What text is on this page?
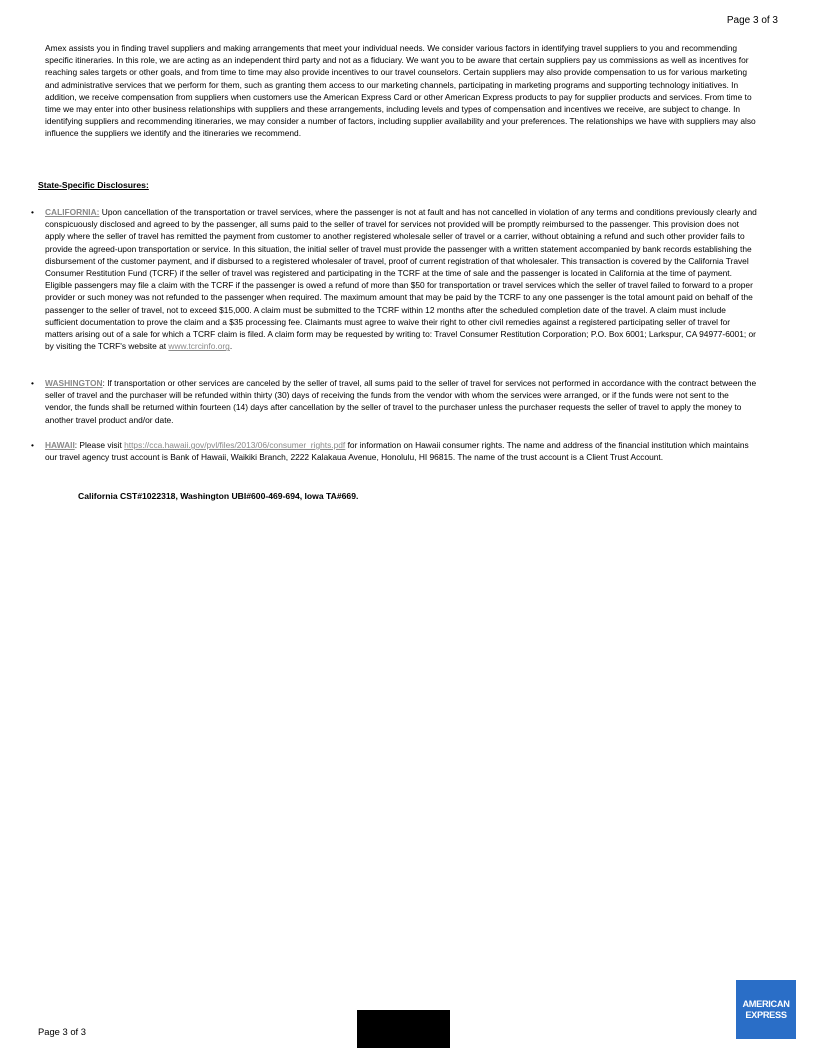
Page 3 of 3

Amex assists you in finding travel suppliers and making arrangements that meet your individual needs. We consider various factors in identifying travel suppliers to you and recommending specific itineraries. In this role, we are acting as an independent third party and not as a fiduciary. We want you to be aware that certain suppliers pay us commissions as well as incentives for reaching sales targets or other goals, and from time to time may also provide incentives to our travel counselors. Certain suppliers may also provide compensation to us for various marketing and administrative services that we perform for them, such as granting them access to our marketing channels, participating in marketing programs and supporting technology initiatives. In addition, we receive compensation from suppliers when customers use the American Express Card or other American Express products to pay for supplier products and services. From time to time we may enter into other business relationships with suppliers and these arrangements, including levels and types of compensation and incentives we receive, are subject to change. In identifying suppliers and recommending itineraries, we may consider a number of factors, including supplier availability and your preferences. The relationships we have with suppliers may also influence the suppliers we identify and the itineraries we recommend.

State-Specific Disclosures:

• CALIFORNIA: Upon cancellation of the transportation or travel services, where the passenger is not at fault and has not cancelled in violation of any terms and conditions previously clearly and conspicuously disclosed and agreed to by the passenger, all sums paid to the seller of travel for services not provided will be promptly reimbursed to the passenger. This provision does not apply where the seller of travel has remitted the payment from customer to another registered wholesale seller of travel or a carrier, without obtaining a refund and such other provider fails to provide the agreed-upon transportation or service. In this situation, the initial seller of travel must provide the passenger with a written statement accompanied by bank records establishing the disbursement of the customer payment, and if disbursed to a registered wholesaler of travel, proof of current registration of that wholesaler. This transaction is covered by the California Travel Consumer Restitution Fund (TCRF) if the seller of travel was registered and participating in the TCRF at the time of sale and the passenger is located in California at the time of payment. Eligible passengers may file a claim with the TCRF if the passenger is owed a refund of more than $50 for transportation or travel services which the seller of travel failed to forward to a proper provider or such money was not refunded to the passenger when required. The maximum amount that may be paid by the TCRF to any one passenger is the total amount paid on behalf of the passenger to the seller of travel, not to exceed $15,000. A claim must be submitted to the TCRF within 12 months after the scheduled completion date of the travel. A claim must include sufficient documentation to prove the claim and a $35 processing fee. Claimants must agree to waive their right to other civil remedies against a registered participating seller of travel for matters arising out of a sale for which a TCRF claim is filed. A claim form may be requested by writing to: Travel Consumer Restitution Corporation; P.O. Box 6001; Larkspur, CA 94977-6001; or by visiting the TCRF's website at www.tcrcinfo.org.

• WASHINGTON: If transportation or other services are canceled by the seller of travel, all sums paid to the seller of travel for services not performed in accordance with the contract between the seller of travel and the purchaser will be refunded within thirty (30) days of receiving the funds from the vendor with whom the services were arranged, or if the funds were not sent to the vendor, the funds shall be returned within fourteen (14) days after cancellation by the seller of travel to the purchaser unless the purchaser requests the seller of travel to apply the money to another travel product and/or date.

• HAWAII: Please visit https://cca.hawaii.gov/pvl/files/2013/06/consumer_rights.pdf for information on Hawaii consumer rights. The name and address of the financial institution which maintains our travel agency trust account is Bank of Hawaii, Waikiki Branch, 2222 Kalakaua Avenue, Honolulu, HI 96815. The name of the trust account is a Client Trust Account.

California CST#1022318, Washington UBI#600-469-694, Iowa TA#669.
Page 3 of 3
AMERICAN
EXPRESS
